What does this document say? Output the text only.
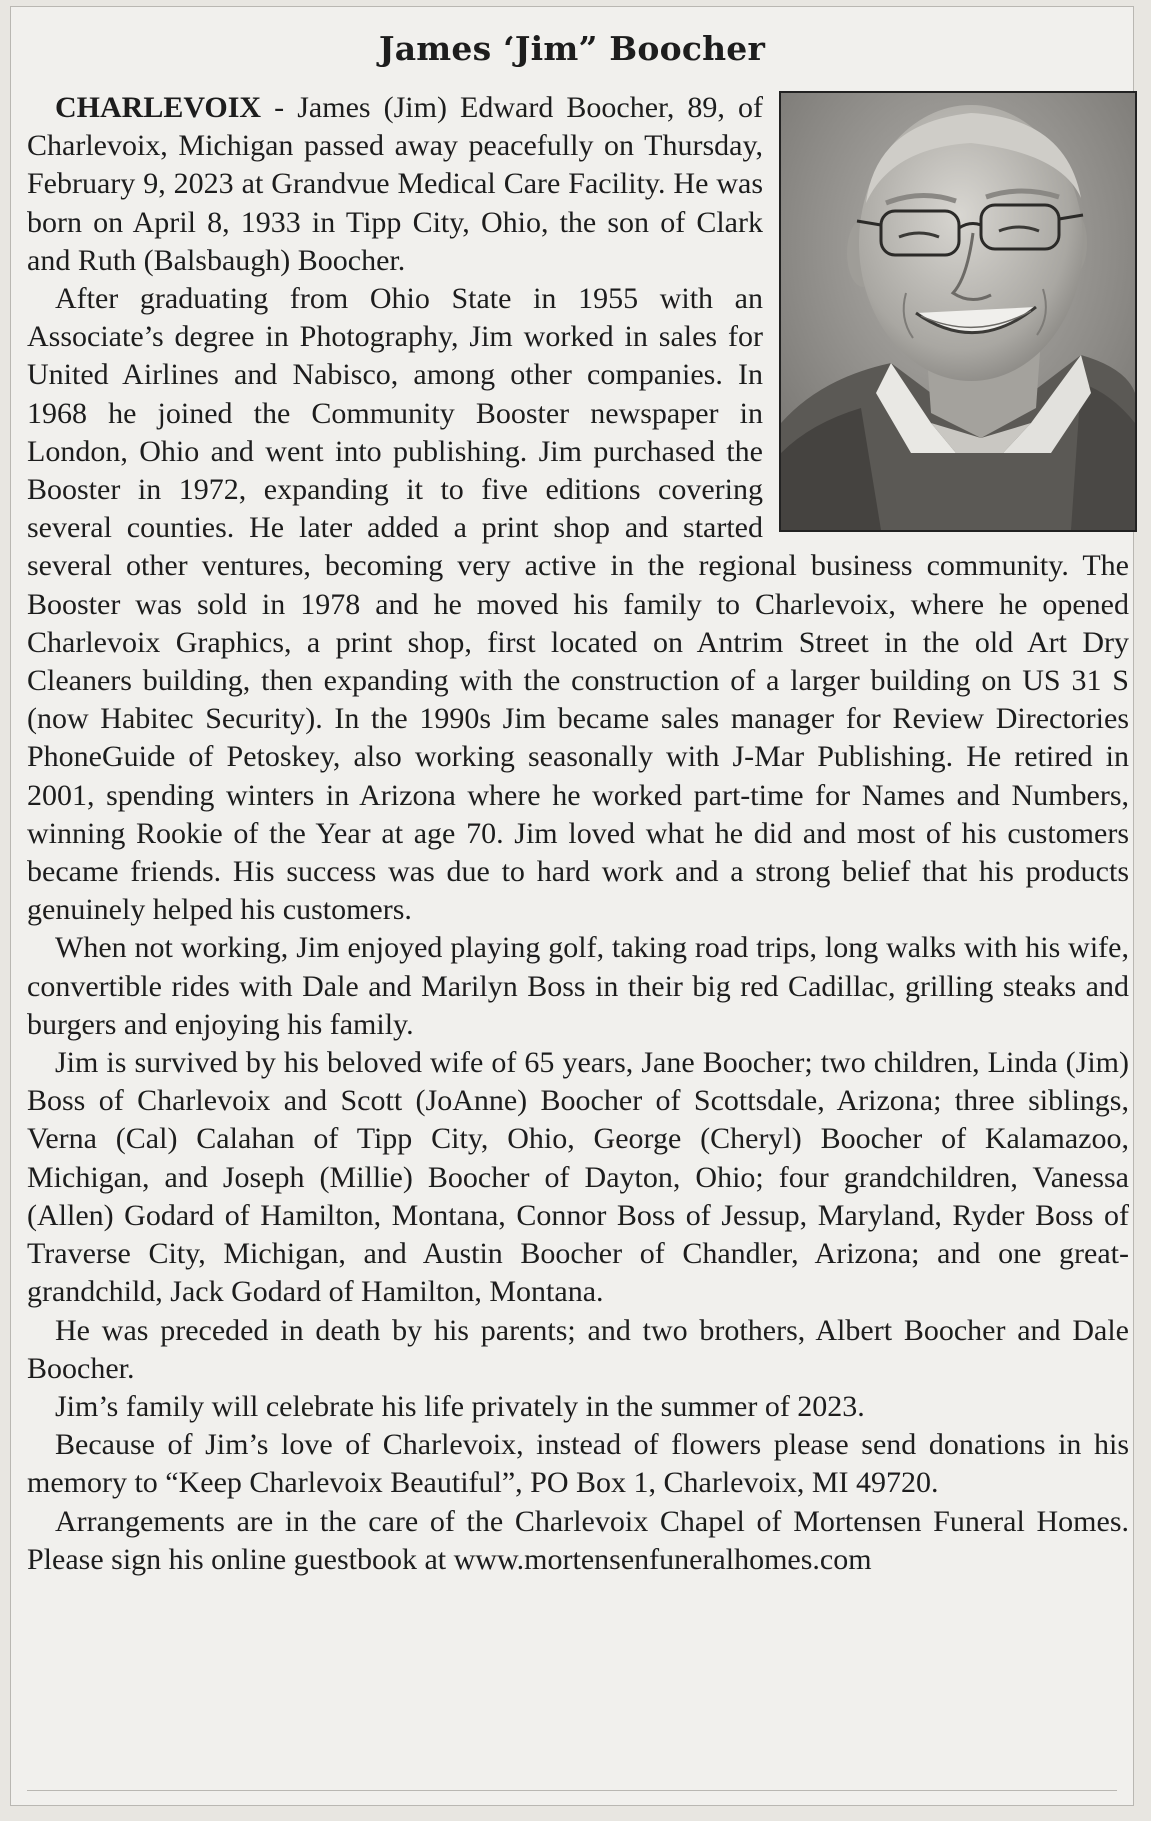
James ‘Jim” Boocher

CHARLEVOIX - James (Jim) Edward Boocher, 89, of Charlevoix, Michigan passed away peacefully on Thursday, February 9, 2023 at Grandvue Medical Care Facility. He was born on April 8, 1933 in Tipp City, Ohio, the son of Clark and Ruth (Balsbaugh) Boocher.

After graduating from Ohio State in 1955 with an Associate’s degree in Photography, Jim worked in sales for United Airlines and Nabisco, among other companies. In 1968 he joined the Community Booster newspaper in London, Ohio and went into publishing. Jim purchased the Booster in 1972, expanding it to five editions covering several counties. He later added a print shop and started several other ventures, becoming very active in the regional business community. The Booster was sold in 1978 and he moved his family to Charlevoix, where he opened Charlevoix Graphics, a print shop, first located on Antrim Street in the old Art Dry Cleaners building, then expanding with the construction of a larger building on US 31 S (now Habitec Security). In the 1990s Jim became sales manager for Review Directories PhoneGuide of Petoskey, also working seasonally with J-Mar Publishing. He retired in 2001, spending winters in Arizona where he worked part-time for Names and Numbers, winning Rookie of the Year at age 70. Jim loved what he did and most of his customers became friends. His success was due to hard work and a strong belief that his products genuinely helped his customers.

When not working, Jim enjoyed playing golf, taking road trips, long walks with his wife, convertible rides with Dale and Marilyn Boss in their big red Cadillac, grilling steaks and burgers and enjoying his family.

Jim is survived by his beloved wife of 65 years, Jane Boocher; two children, Linda (Jim) Boss of Charlevoix and Scott (JoAnne) Boocher of Scottsdale, Arizona; three siblings, Verna (Cal) Calahan of Tipp City, Ohio, George (Cheryl) Boocher of Kalamazoo, Michigan, and Joseph (Millie) Boocher of Dayton, Ohio; four grandchildren, Vanessa (Allen) Godard of Hamilton, Montana, Connor Boss of Jessup, Maryland, Ryder Boss of Traverse City, Michigan, and Austin Boocher of Chandler, Arizona; and one great-grandchild, Jack Godard of Hamilton, Montana.

He was preceded in death by his parents; and two brothers, Albert Boocher and Dale Boocher.

Jim’s family will celebrate his life privately in the summer of 2023.

Because of Jim’s love of Charlevoix, instead of flowers please send donations in his memory to “Keep Charlevoix Beautiful”, PO Box 1, Charlevoix, MI 49720.

Arrangements are in the care of the Charlevoix Chapel of Mortensen Funeral Homes. Please sign his online guestbook at www.mortensenfuneralhomes.com
